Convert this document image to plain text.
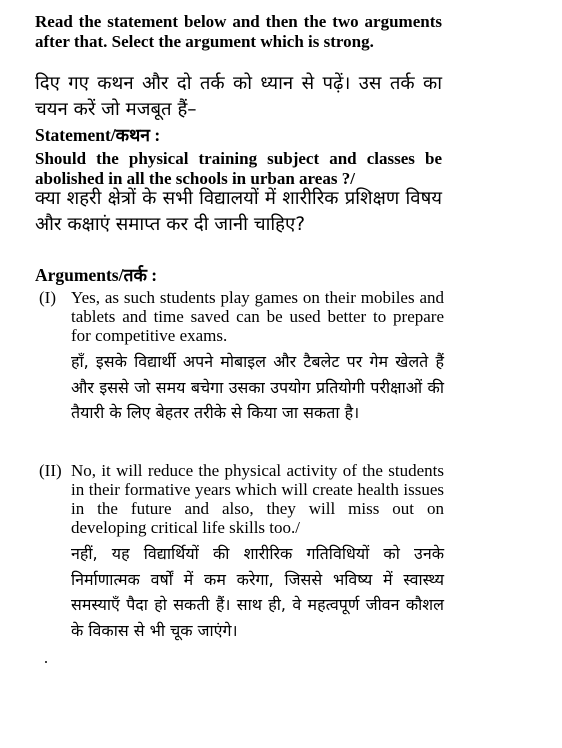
Read the statement below and then the two arguments after that. Select the argument which is strong.
दिए गए कथन और दो तर्क को ध्यान से पढ़ें। उस तर्क का चयन करें जो मजबूत हैं–
Statement/कथन :
Should the physical training subject and classes be abolished in all the schools in urban areas ?/
क्या शहरी क्षेत्रों के सभी विद्यालयों में शारीरिक प्रशिक्षण विषय और कक्षाएं समाप्त कर दी जानी चाहिए?
Arguments/तर्क :
(I) Yes, as such students play games on their mobiles and tablets and time saved can be used better to prepare for competitive exams.
हाँ, इसके विद्यार्थी अपने मोबाइल और टैबलेट पर गेम खेलते हैं और इससे जो समय बचेगा उसका उपयोग प्रतियोगी परीक्षाओं की तैयारी के लिए बेहतर तरीके से किया जा सकता है।
(II) No, it will reduce the physical activity of the students in their formative years which will create health issues in the future and also, they will miss out on developing critical life skills too./
नहीं, यह विद्यार्थियों की शारीरिक गतिविधियों को उनके निर्माणात्मक वर्षों में कम करेगा, जिससे भविष्य में स्वास्थ्य समस्याएँ पैदा हो सकती हैं। साथ ही, वे महत्वपूर्ण जीवन कौशल के विकास से भी चूक जाएंगे।
